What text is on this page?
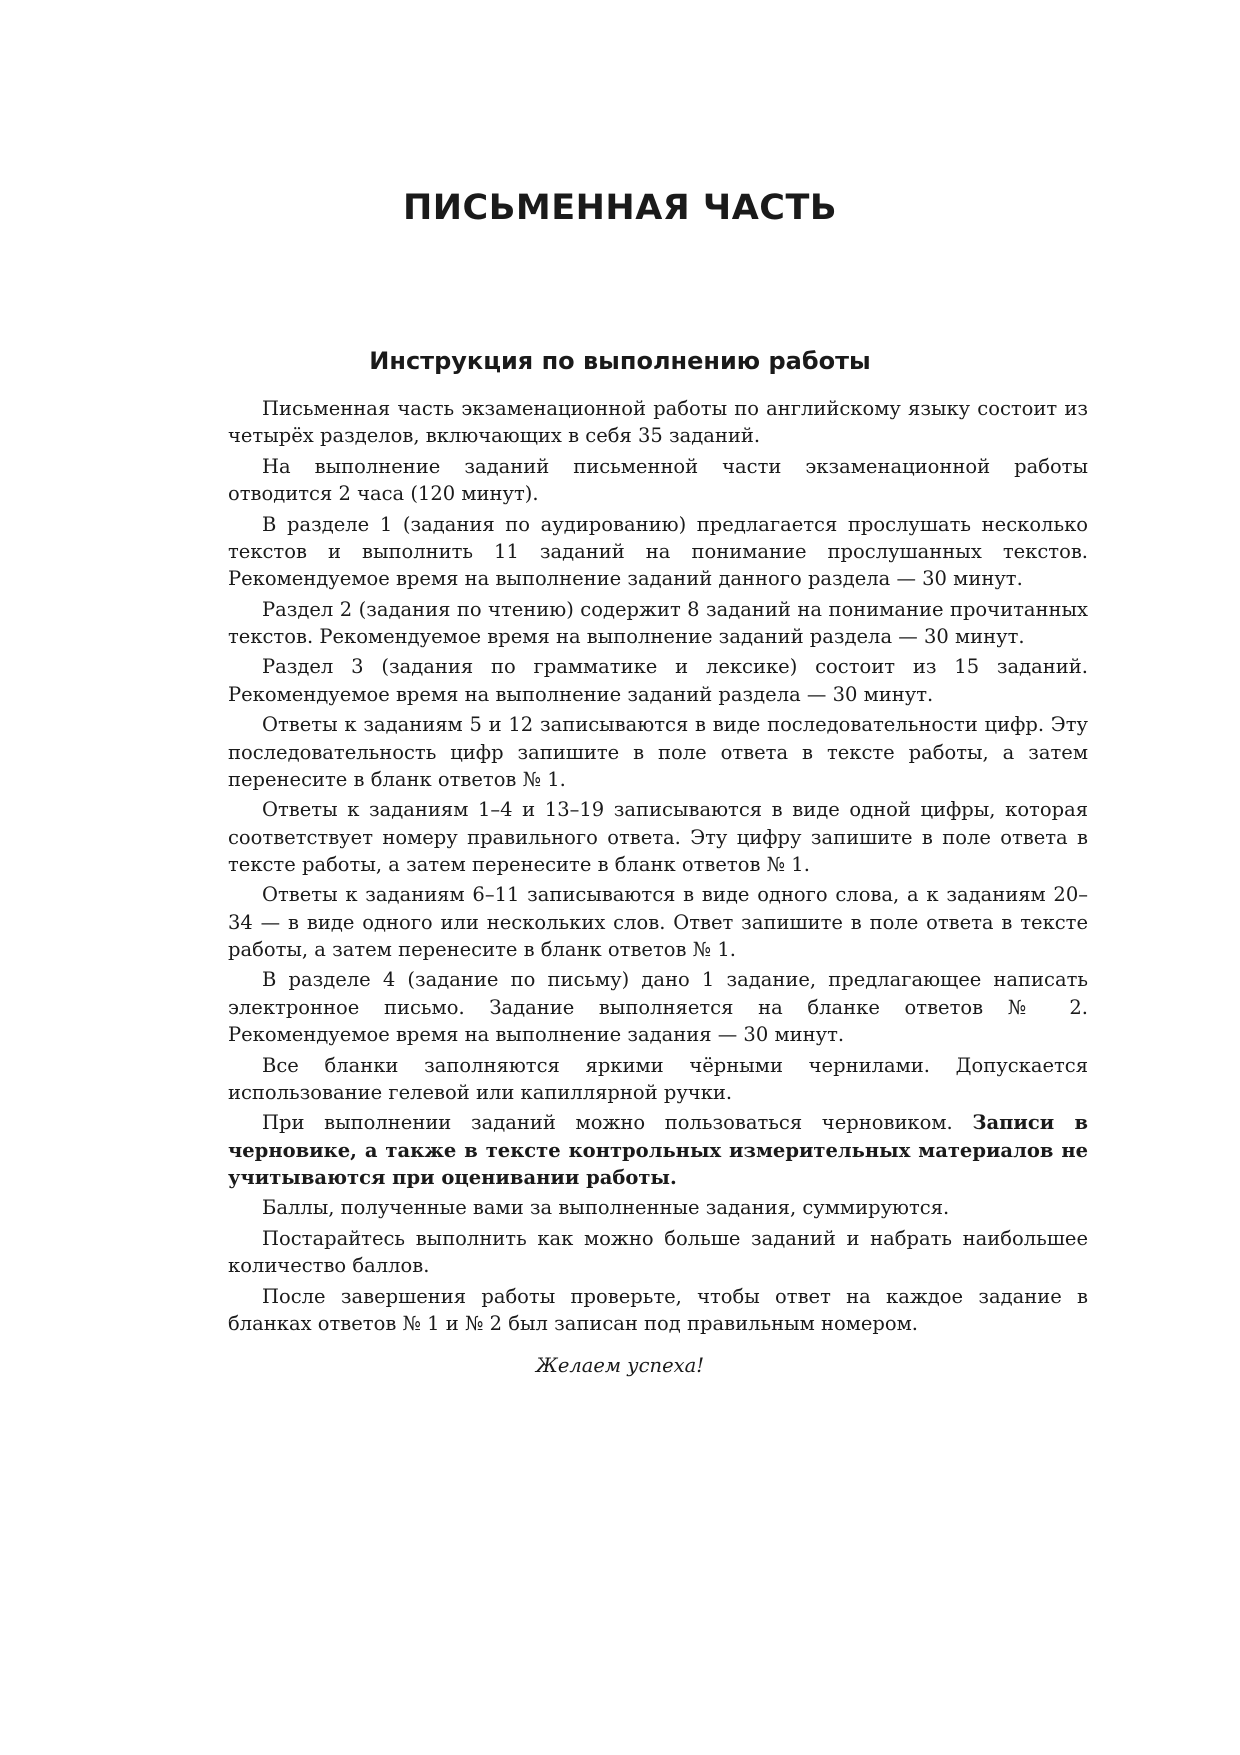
ПИСЬМЕННАЯ ЧАСТЬ
Инструкция по выполнению работы

Письменная часть экзаменационной работы по английскому языку состоит из четырёх разделов, включающих в себя 35 заданий.

На выполнение заданий письменной части экзаменационной работы отводится 2 часа (120 минут).

В разделе 1 (задания по аудированию) предлагается прослушать несколько текстов и выполнить 11 заданий на понимание прослушанных текстов. Рекомендуемое время на выполнение заданий данного раздела — 30 минут.

Раздел 2 (задания по чтению) содержит 8 заданий на понимание прочитанных текстов. Рекомендуемое время на выполнение заданий раздела — 30 минут.

Раздел 3 (задания по грамматике и лексике) состоит из 15 заданий. Рекомендуемое время на выполнение заданий раздела — 30 минут.

Ответы к заданиям 5 и 12 записываются в виде последовательности цифр. Эту последовательность цифр запишите в поле ответа в тексте работы, а затем перенесите в бланк ответов № 1.

Ответы к заданиям 1–4 и 13–19 записываются в виде одной цифры, которая соответствует номеру правильного ответа. Эту цифру запишите в поле ответа в тексте работы, а затем перенесите в бланк ответов № 1.

Ответы к заданиям 6–11 записываются в виде одного слова, а к заданиям 20–34 — в виде одного или нескольких слов. Ответ запишите в поле ответа в тексте работы, а затем перенесите в бланк ответов № 1.

В разделе 4 (задание по письму) дано 1 задание, предлагающее написать электронное письмо. Задание выполняется на бланке ответов № 2. Рекомендуемое время на выполнение задания — 30 минут.

Все бланки заполняются яркими чёрными чернилами. Допускается использование гелевой или капиллярной ручки.

При выполнении заданий можно пользоваться черновиком. Записи в черновике, а также в тексте контрольных измерительных материалов не учитываются при оценивании работы.

Баллы, полученные вами за выполненные задания, суммируются.

Постарайтесь выполнить как можно больше заданий и набрать наибольшее количество баллов.

После завершения работы проверьте, чтобы ответ на каждое задание в бланках ответов № 1 и № 2 был записан под правильным номером.

Желаем успеха!
